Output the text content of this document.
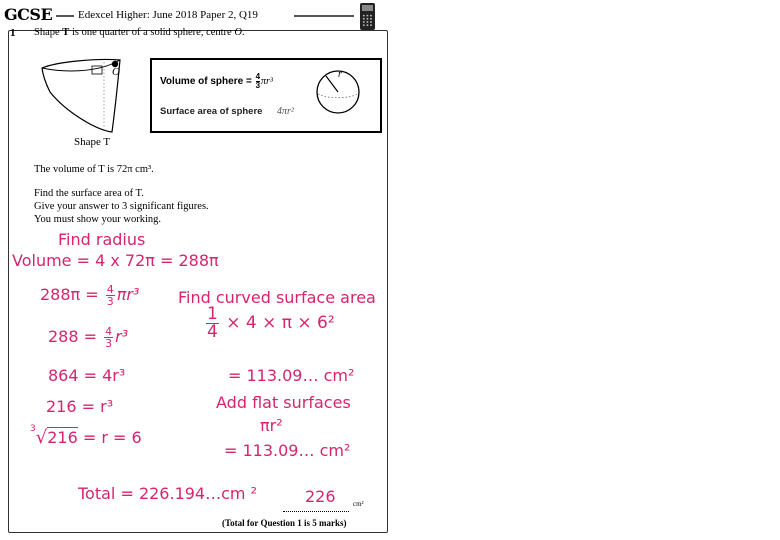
GCSE Edexcel Higher: June 2018 Paper 2, Q19
1 Shape T is one quarter of a solid sphere, centre O.
O
Shape T
Volume of sphere = $\frac{4}{3} \pi r^3$
Surface area of sphere 4πr²
r
The volume of T is 72π cm³.
Find the surface area of T.
Give your answer to 3 significant figures.
You must show your working.
Find radius
Volume = 4 x 72π = 288π
$288\pi = \frac{4}{3} \pi r^3$
$288 = \frac{4}{3} r^3$
864 = 4r³
216 = r³
$^3$√216 = r = 6
Find curved surface area
$\frac{1}{4} \times 4 \times \pi \times 6^2$
= 113.09… cm²
Add flat surfaces
πr²
= 113.09… cm²
Total = 226.194…cm ²	226 cm²
(Total for Question 1 is 5 marks)
